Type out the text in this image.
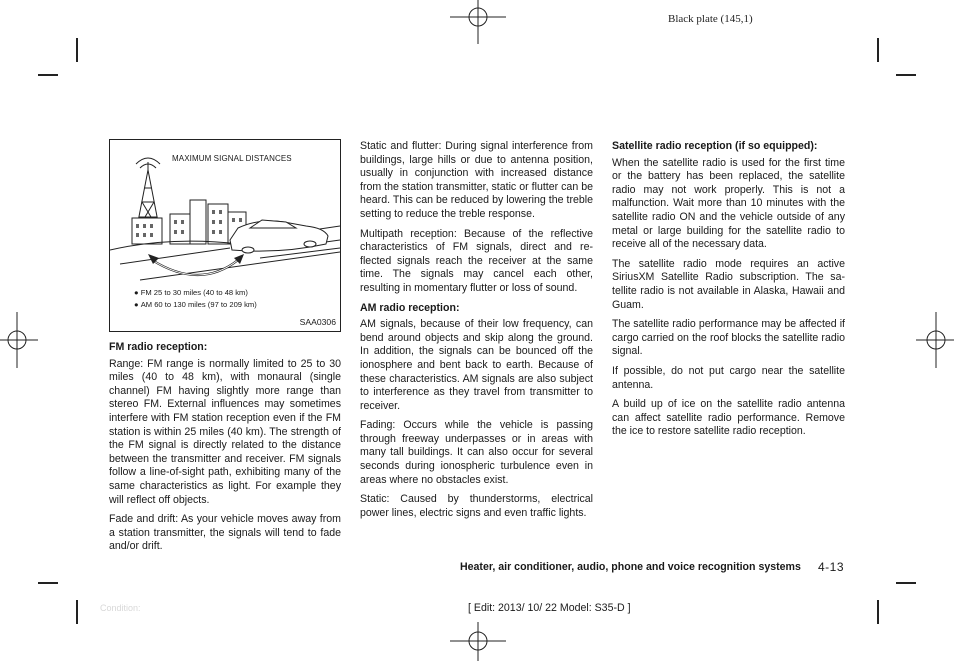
Black plate (145,1)
MAXIMUM SIGNAL DISTANCES
● FM 25 to 30 miles (40 to 48 km)
● AM 60 to 130 miles (97 to 209 km)
SAA0306
FM radio reception:

Range: FM range is normally limited to 25 to 30 miles (40 to 48 km), with monaural (single channel) FM having slightly more range than stereo FM. External influences may sometimes interfere with FM station reception even if the FM station is within 25 miles (40 km). The strength of the FM signal is directly related to the distance between the transmitter and receiver. FM signals follow a line-of-sight path, exhibiting many of the same characteristics as light. For example they will reflect off objects.

Fade and drift: As your vehicle moves away from a station transmitter, the signals will tend to fade and/or drift.

Static and flutter: During signal interference from buildings, large hills or due to antenna position, usually in conjunction with increased distance from the station transmitter, static or flutter can be heard. This can be reduced by lowering the treble setting to reduce the treble response.

Multipath reception: Because of the reflective characteristics of FM signals, direct and re-flected signals reach the receiver at the same time. The signals may cancel each other, resulting in momentary flutter or loss of sound.

AM radio reception:

AM signals, because of their low frequency, can bend around objects and skip along the ground. In addition, the signals can be bounced off the ionosphere and bent back to earth. Because of these characteristics. AM signals are also subject to interference as they travel from transmitter to receiver.

Fading: Occurs while the vehicle is passing through freeway underpasses or in areas with many tall buildings. It can also occur for several seconds during ionospheric turbulence even in areas where no obstacles exist.

Static: Caused by thunderstorms, electrical power lines, electric signs and even traffic lights.

Satellite radio reception (if so equipped):

When the satellite radio is used for the first time or the battery has been replaced, the satellite radio may not work properly. This is not a malfunction. Wait more than 10 minutes with the satellite radio ON and the vehicle outside of any metal or large building for the satellite radio to receive all of the necessary data.

The satellite radio mode requires an active SiriusXM Satellite Radio subscription. The sa-tellite radio is not available in Alaska, Hawaii and Guam.

The satellite radio performance may be affected if cargo carried on the roof blocks the satellite radio signal.

If possible, do not put cargo near the satellite antenna.

A build up of ice on the satellite radio antenna can affect satellite radio performance. Remove the ice to restore satellite radio reception.

Heater, air conditioner, audio, phone and voice recognition systems 4-13
Condition:	[ Edit: 2013/ 10/ 22 Model: S35-D ]
